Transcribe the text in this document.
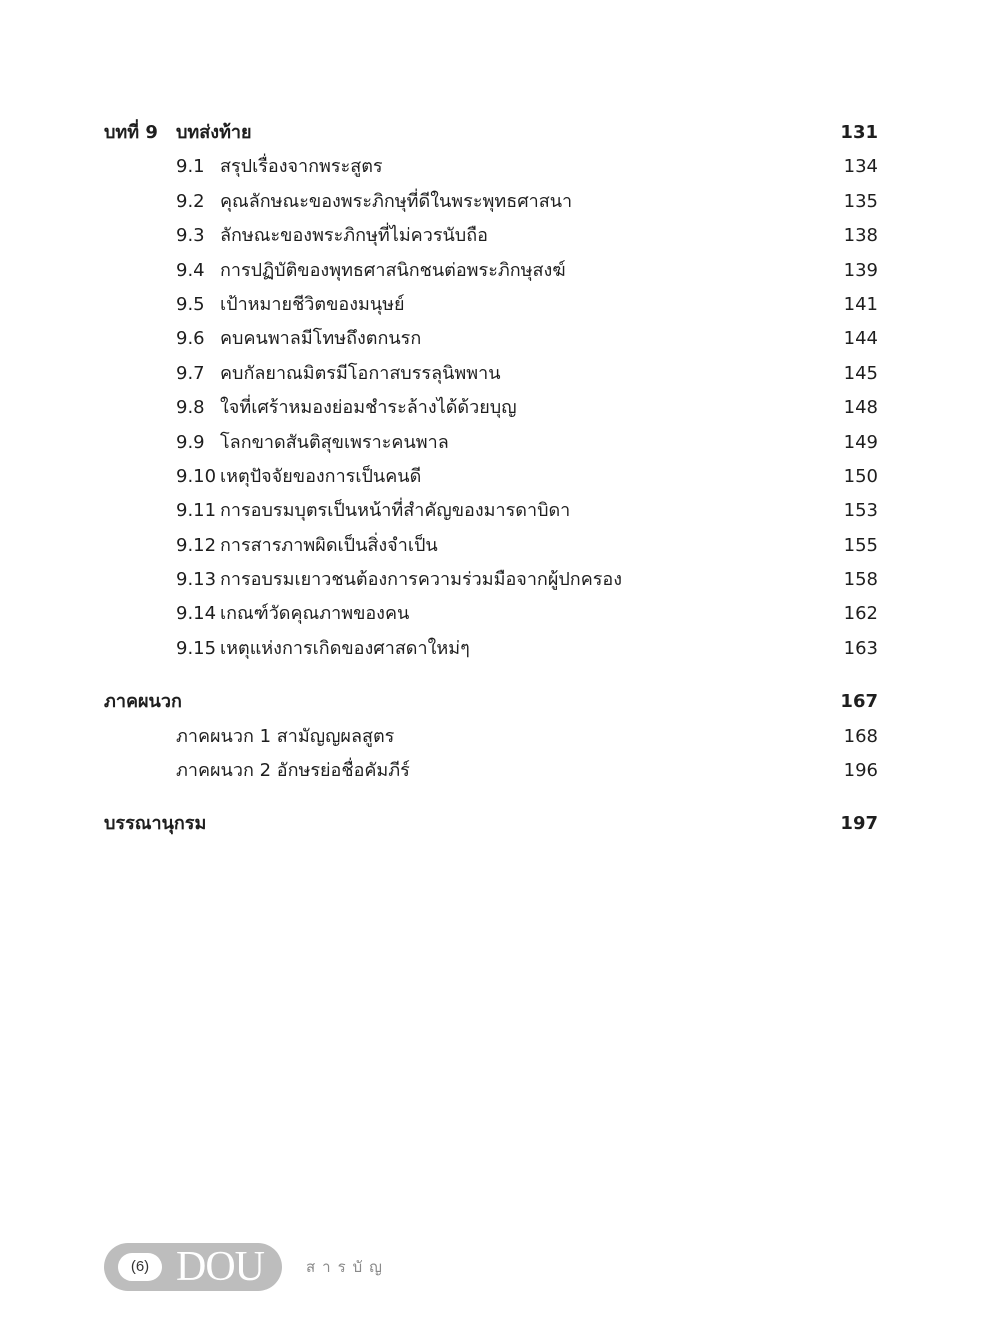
บทที่ 9 บทส่งท้าย	131
9.1 สรุปเรื่องจากพระสูตร	134
9.2 คุณลักษณะของพระภิกษุที่ดีในพระพุทธศาสนา	135
9.3 ลักษณะของพระภิกษุที่ไม่ควรนับถือ	138
9.4 การปฏิบัติของพุทธศาสนิกชนต่อพระภิกษุสงฆ์	139
9.5 เป้าหมายชีวิตของมนุษย์	141
9.6 คบคนพาลมีโทษถึงตกนรก	144
9.7 คบกัลยาณมิตรมีโอกาสบรรลุนิพพาน	145
9.8 ใจที่เศร้าหมองย่อมชำระล้างได้ด้วยบุญ	148
9.9 โลกขาดสันติสุขเพราะคนพาล	149
9.10 เหตุปัจจัยของการเป็นคนดี	150
9.11 การอบรมบุตรเป็นหน้าที่สำคัญของมารดาบิดา	153
9.12 การสารภาพผิดเป็นสิ่งจำเป็น	155
9.13 การอบรมเยาวชนต้องการความร่วมมือจากผู้ปกครอง	158
9.14 เกณฑ์วัดคุณภาพของคน	162
9.15 เหตุแห่งการเกิดของศาสดาใหม่ๆ	163
ภาคผนวก	167
ภาคผนวก 1 สามัญญผลสูตร	168
ภาคผนวก 2 อักษรย่อชื่อคัมภีร์	196
บรรณานุกรม	197
(6) DOU	สารบัญ
